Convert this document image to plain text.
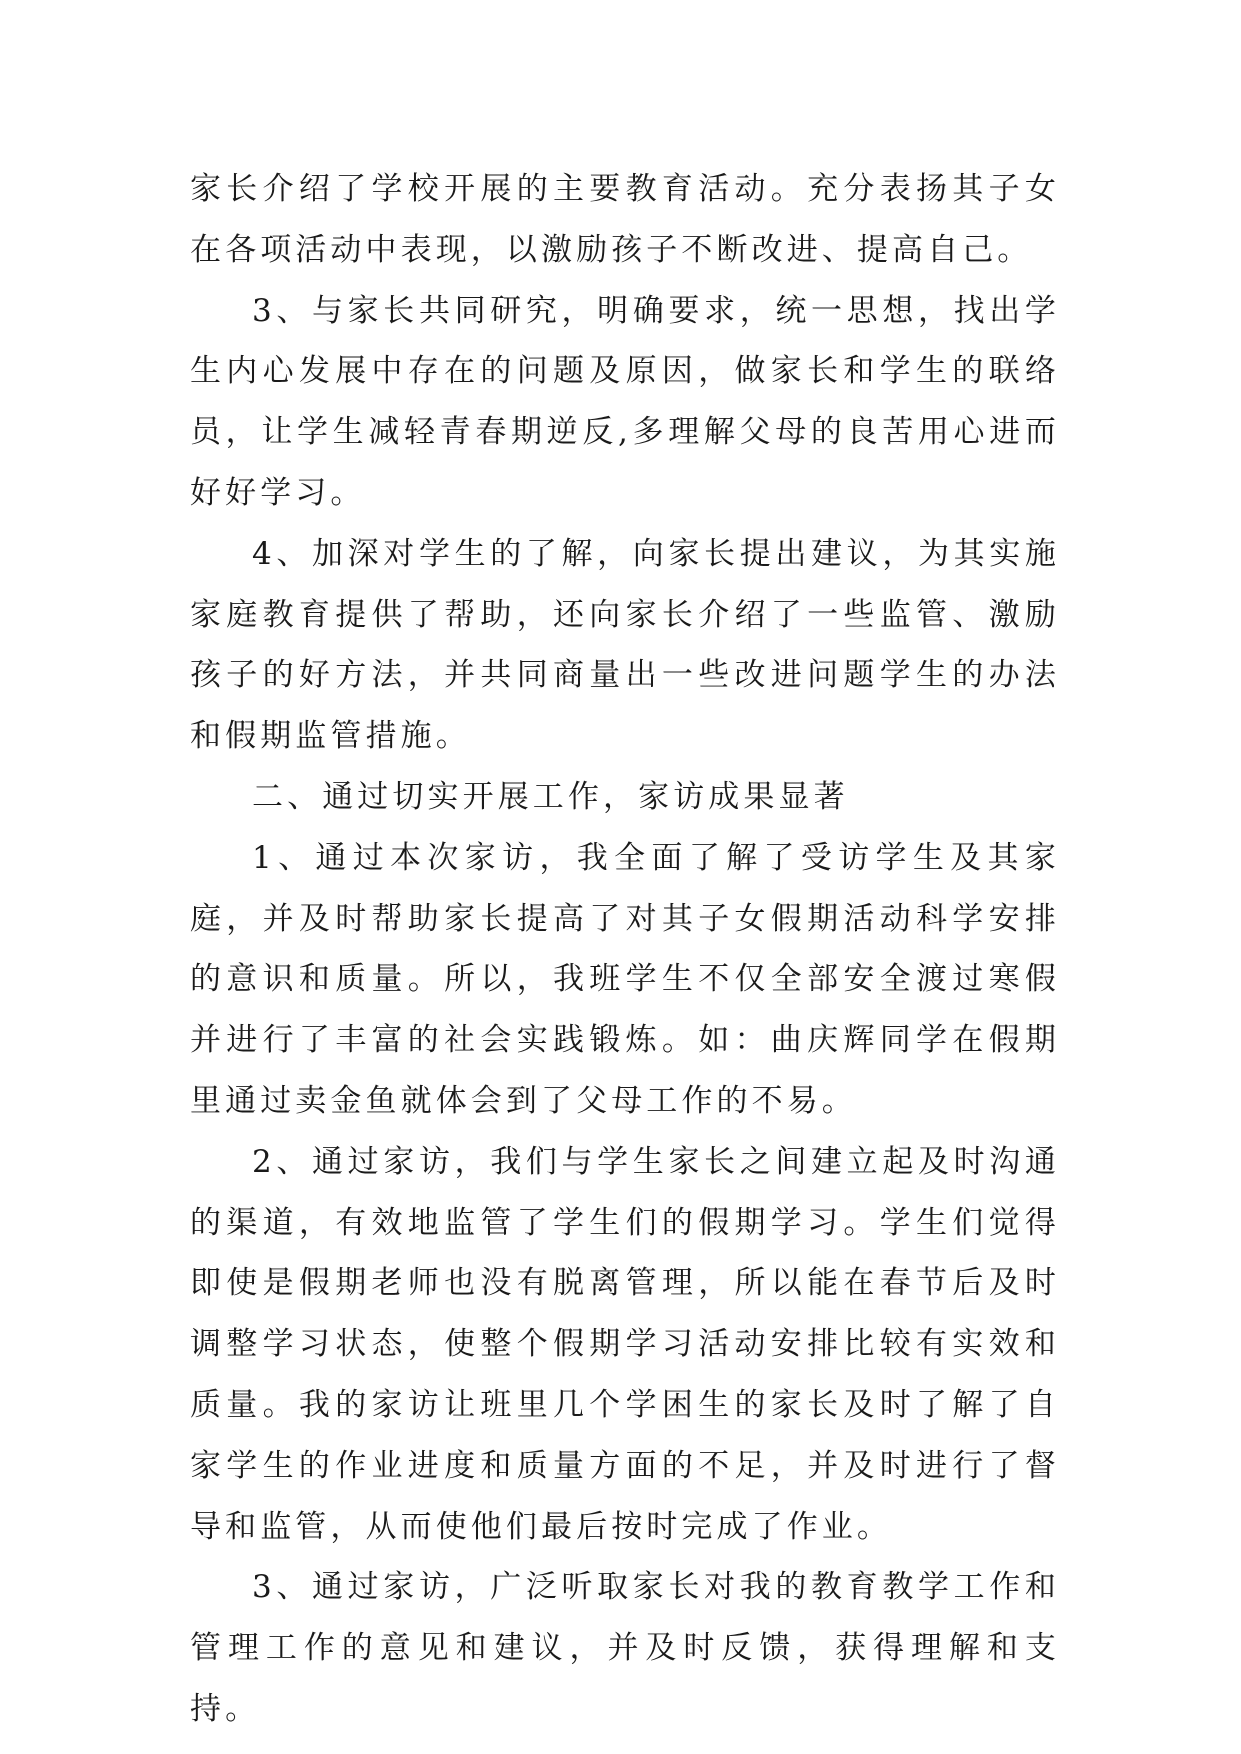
家长介绍了学校开展的主要教育活动。充分表扬其子女在各项活动中表现，以激励孩子不断改进、提高自己。

3、与家长共同研究，明确要求，统一思想，找出学生内心发展中存在的问题及原因，做家长和学生的联络员，让学生减轻青春期逆反,多理解父母的良苦用心进而好好学习。

4、加深对学生的了解，向家长提出建议，为其实施家庭教育提供了帮助，还向家长介绍了一些监管、激励孩子的好方法，并共同商量出一些改进问题学生的办法和假期监管措施。

二、通过切实开展工作，家访成果显著

1、通过本次家访，我全面了解了受访学生及其家庭，并及时帮助家长提高了对其子女假期活动科学安排的意识和质量。所以，我班学生不仅全部安全渡过寒假并进行了丰富的社会实践锻炼。如：曲庆辉同学在假期里通过卖金鱼就体会到了父母工作的不易。

2、通过家访，我们与学生家长之间建立起及时沟通的渠道，有效地监管了学生们的假期学习。学生们觉得即使是假期老师也没有脱离管理，所以能在春节后及时调整学习状态，使整个假期学习活动安排比较有实效和质量。我的家访让班里几个学困生的家长及时了解了自家学生的作业进度和质量方面的不足，并及时进行了督导和监管，从而使他们最后按时完成了作业。

3、通过家访，广泛听取家长对我的教育教学工作和管理工作的意见和建议，并及时反馈，获得理解和支持。
